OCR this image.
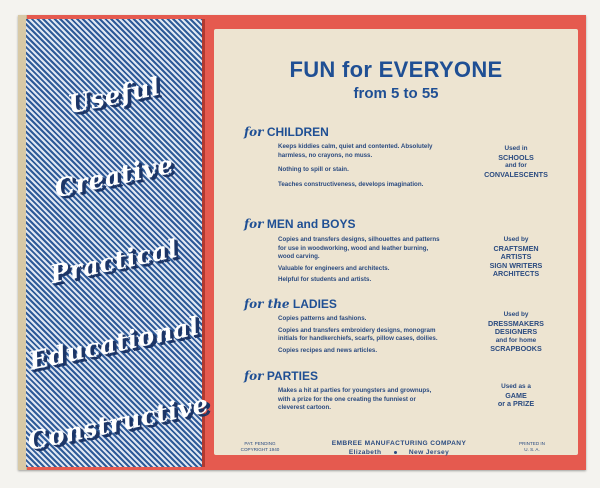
Useful
Creative
Practical
Educational
Constructive
FUN for EVERYONE
from 5 to 55
for CHILDREN
Keeps kiddies calm, quiet and contented. Absolutely
harmless, no crayons, no muss.
Nothing to spill or stain.
Teaches constructiveness, develops imagination.
Used in
SCHOOLS
and for
CONVALESCENTS
for MEN and BOYS
Copies and transfers designs, silhouettes and patterns
for use in woodworking, wood and leather burning,
wood carving.
Valuable for engineers and architects.
Helpful for students and artists.
Used by
CRAFTSMEN
ARTISTS
SIGN WRITERS
ARCHITECTS
for the LADIES
Copies patterns and fashions.
Copies and transfers embroidery designs, monogram
initials for handkerchiefs, scarfs, pillow cases, doilies.
Copies recipes and news articles.
Used by
DRESSMAKERS
DESIGNERS
and for home
SCRAPBOOKS
for PARTIES
Makes a hit at parties for youngsters and grownups,
with a prize for the one creating the funniest or
cleverest cartoon.
Used as a
GAME
or a PRIZE
PAT. PENDING
COPYRIGHT 1940
EMBREE MANUFACTURING COMPANY
Elizabeth	New Jersey
PRINTED IN
U. S. A.
